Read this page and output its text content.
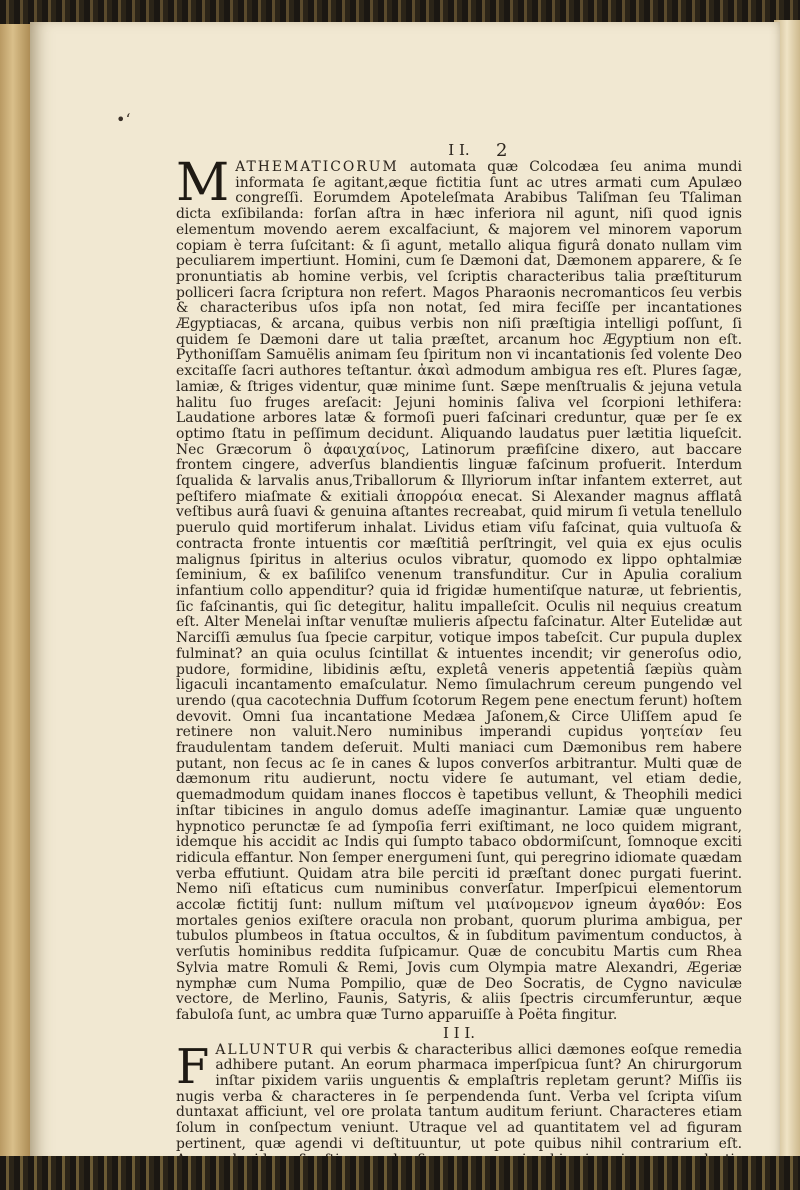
•ʻ
2
I I.

MATHEMATICORUM automata quæ Colcodæa ſeu anima mundi informata ſe agitant,æque fictitia ſunt ac utres armati cum Apulæo congreſſi. Eorumdem Apoteleſmata Arabibus Taliſman ſeu Tſaliman dicta exſibilanda: forſan aſtra in hæc inferiora nil agunt, niſi quod ignis elementum movendo aerem excalfaciunt, & majorem vel minorem vaporum copiam è terra ſuſcitant: & ſi agunt, metallo aliqua figurâ donato nullam vim peculiarem impertiunt. Homini, cum ſe Dæmoni dat, Dæmonem apparere, & ſe pronuntiatis ab homine verbis, vel ſcriptis characteribus talia præſtiturum polliceri ſacra ſcriptura non refert. Magos Pharaonis necromanticos ſeu verbis & characteribus uſos ipſa non notat, ſed mira feciſſe per incantationes Ægyptiacas, & arcana, quibus verbis non niſi præſtigia intelligi poſſunt, ſi quidem ſe Dæmoni dare ut talia præſtet, arcanum hoc Ægyptium non eſt. Pythoniſſam Samuëlis animam ſeu ſpiritum non vi incantationis ſed volente Deo excitaſſe ſacri authores teſtantur. ἀκαὶ admodum ambigua res eſt. Plures ſagæ, lamiæ, & ſtriges videntur, quæ minime ſunt. Sæpe menſtrualis & jejuna vetula halitu ſuo fruges areſacit: Jejuni hominis ſaliva vel ſcorpioni lethifera: Laudatione arbores latæ & formoſi pueri faſcinari creduntur, quæ per ſe ex optimo ſtatu in peſſimum decidunt. Aliquando laudatus puer lætitia liqueſcit. Nec Græcorum ὃ ἀφαιχαίνος, Latinorum præfiſcine dixero, aut baccare frontem cingere, adverſus blandientis linguæ faſcinum profuerit. Interdum ſqualida & larvalis anus,Triballorum & Illyriorum inſtar infantem exterret, aut peſtifero miaſmate & exitiali ἀπορρόια enecat. Si Alexander magnus afflatâ veſtibus aurâ ſuavi & genuina aſtantes recreabat, quid mirum ſi vetula tenellulo puerulo quid mortiferum inhalat. Lividus etiam viſu faſcinat, quia vultuoſa & contracta fronte intuentis cor mæſtitiâ perſtringit, vel quia ex ejus oculis malignus ſpiritus in alterius oculos vibratur, quomodo ex lippo ophtalmiæ ſeminium, & ex baſiliſco venenum transfunditur. Cur in Apulia coralium infantium collo appenditur? quia id frigidæ humentiſque naturæ, ut febrientis, ſic faſcinantis, qui ſic detegitur, halitu impalleſcit. Oculis nil nequius creatum eſt. Alter Menelai inſtar venuſtæ mulieris aſpectu faſcinatur. Alter Eutelidæ aut Narciſſi æmulus ſua ſpecie carpitur, votique impos tabeſcit. Cur pupula duplex fulminat? an quia oculus ſcintillat & intuentes incendit; vir generoſus odio, pudore, formidine, libidinis æſtu, expletâ veneris appetentiâ ſæpiùs quàm ligaculi incantamento emaſculatur. Nemo ſimulachrum cereum pungendo vel urendo (qua cacotechnia Duffum ſcotorum Regem pene enectum ferunt) hoſtem devovit. Omni ſua incantatione Medæa Jaſonem,& Circe Uliſſem apud ſe retinere non valuit.Nero numinibus imperandi cupidus γοητείαν ſeu fraudulentam tandem deſeruit. Multi maniaci cum Dæmonibus rem habere putant, non ſecus ac ſe in canes & lupos converſos arbitrantur. Multi quæ de dæmonum ritu audierunt, noctu videre ſe autumant, vel etiam dedie, quemadmodum quidam inanes floccos è tapetibus vellunt, & Theophili medici inſtar tibicines in angulo domus adeſſe imaginantur. Lamiæ quæ unguento hypnotico perunctæ ſe ad ſympoſia ferri exiſtimant, ne loco quidem migrant, idemque his accidit ac Indis qui ſumpto tabaco obdormiſcunt, ſomnoque exciti ridicula effantur. Non ſemper energumeni ſunt, qui peregrino idiomate quædam verba effutiunt. Quidam atra bile perciti id præſtant donec purgati fuerint. Nemo niſi eſtaticus cum numinibus converſatur. Imperſpicui elementorum accolæ fictitij ſunt: nullum miſtum vel μιαίνομενον igneum ἀγαθόν: Eos mortales genios exiſtere oracula non probant, quorum plurima ambigua, per tubulos plumbeos in ſtatua occultos, & in ſubditum pavimentum conductos, à verſutis hominibus reddita ſuſpicamur. Quæ de concubitu Martis cum Rhea Sylvia matre Romuli & Remi, Jovis cum Olympia matre Alexandri, Ægeriæ nymphæ cum Numa Pompilio, quæ de Deo Socratis, de Cygno naviculæ vectore, de Merlino, Faunis, Satyris, & aliis ſpectris circumferuntur, æque fabuloſa ſunt, ac umbra quæ Turno apparuiſſe à Poëta fingitur.

I I I.

FALLUNTUR qui verbis & characteribus allici dæmones eoſque remedia adhibere putant. An eorum pharmaca imperſpicua ſunt? An chirurgorum inſtar pixidem variis unguentis & emplaſtris repletam gerunt? Miſſis iis nugis verba & characteres in ſe perpendenda ſunt. Verba vel ſcripta viſum duntaxat afficiunt, vel ore prolata tantum auditum feriunt. Characteres etiam ſolum in conſpectum veniunt. Utraque vel ad quantitatem vel ad figuram pertinent, quæ agendi vi deſtituuntur, ut pote quibus nihil contrarium eſt.
